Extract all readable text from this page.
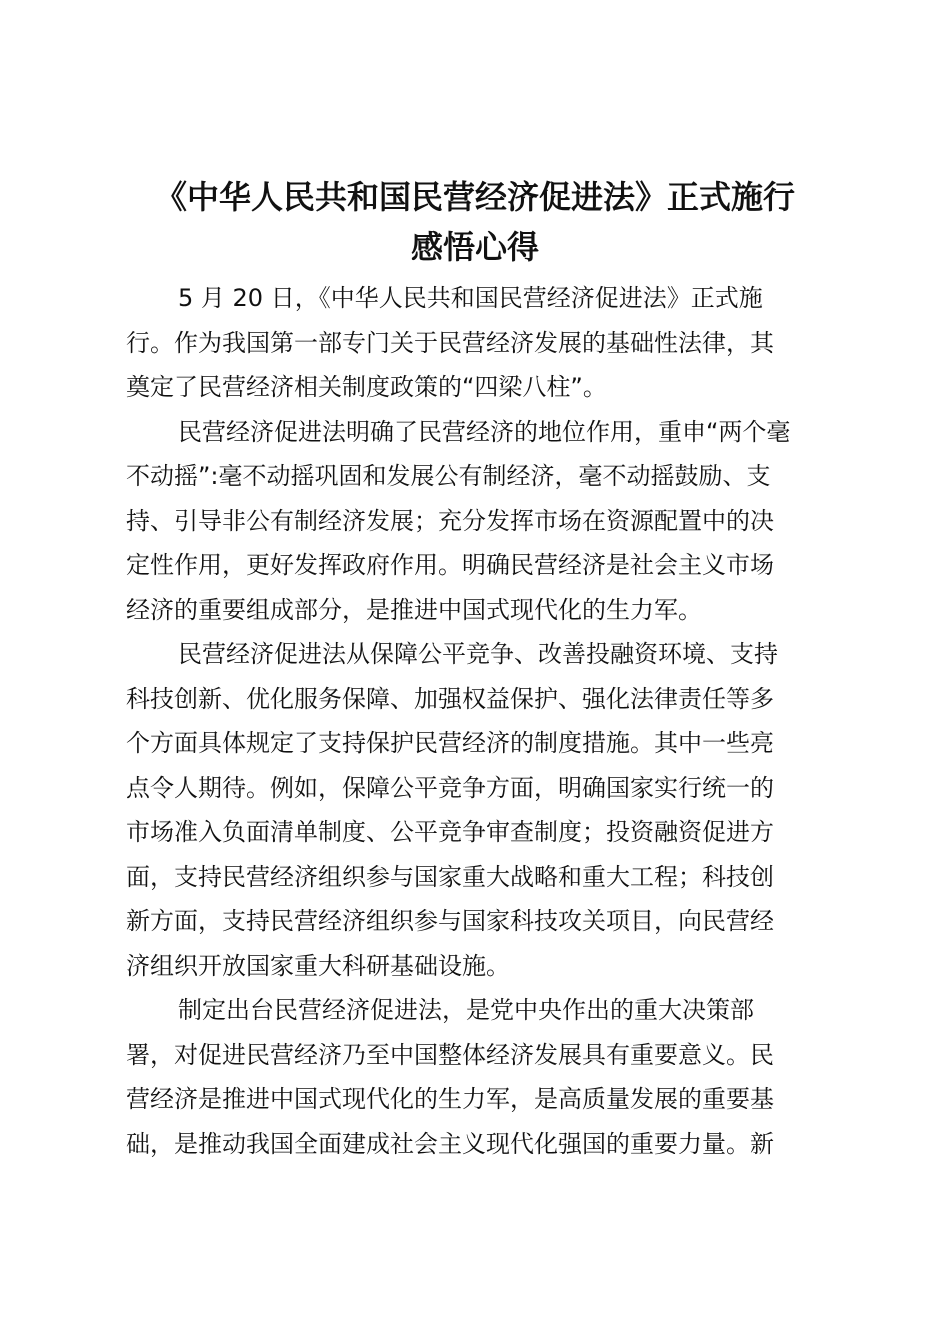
《中华人民共和国民营经济促进法》正式施行
感悟心得

5 月 20 日，《中华人民共和国民营经济促进法》正式施
行。作为我国第一部专门关于民营经济发展的基础性法律，其
奠定了民营经济相关制度政策的“四梁八柱”。

民营经济促进法明确了民营经济的地位作用，重申“两个毫
不动摇”:毫不动摇巩固和发展公有制经济，毫不动摇鼓励、支
持、引导非公有制经济发展；充分发挥市场在资源配置中的决
定性作用，更好发挥政府作用。明确民营经济是社会主义市场
经济的重要组成部分，是推进中国式现代化的生力军。

民营经济促进法从保障公平竞争、改善投融资环境、支持
科技创新、优化服务保障、加强权益保护、强化法律责任等多
个方面具体规定了支持保护民营经济的制度措施。其中一些亮
点令人期待。例如，保障公平竞争方面，明确国家实行统一的
市场准入负面清单制度、公平竞争审查制度；投资融资促进方
面，支持民营经济组织参与国家重大战略和重大工程；科技创
新方面，支持民营经济组织参与国家科技攻关项目，向民营经
济组织开放国家重大科研基础设施。

制定出台民营经济促进法，是党中央作出的重大决策部
署，对促进民营经济乃至中国整体经济发展具有重要意义。民
营经济是推进中国式现代化的生力军，是高质量发展的重要基
础，是推动我国全面建成社会主义现代化强国的重要力量。新
